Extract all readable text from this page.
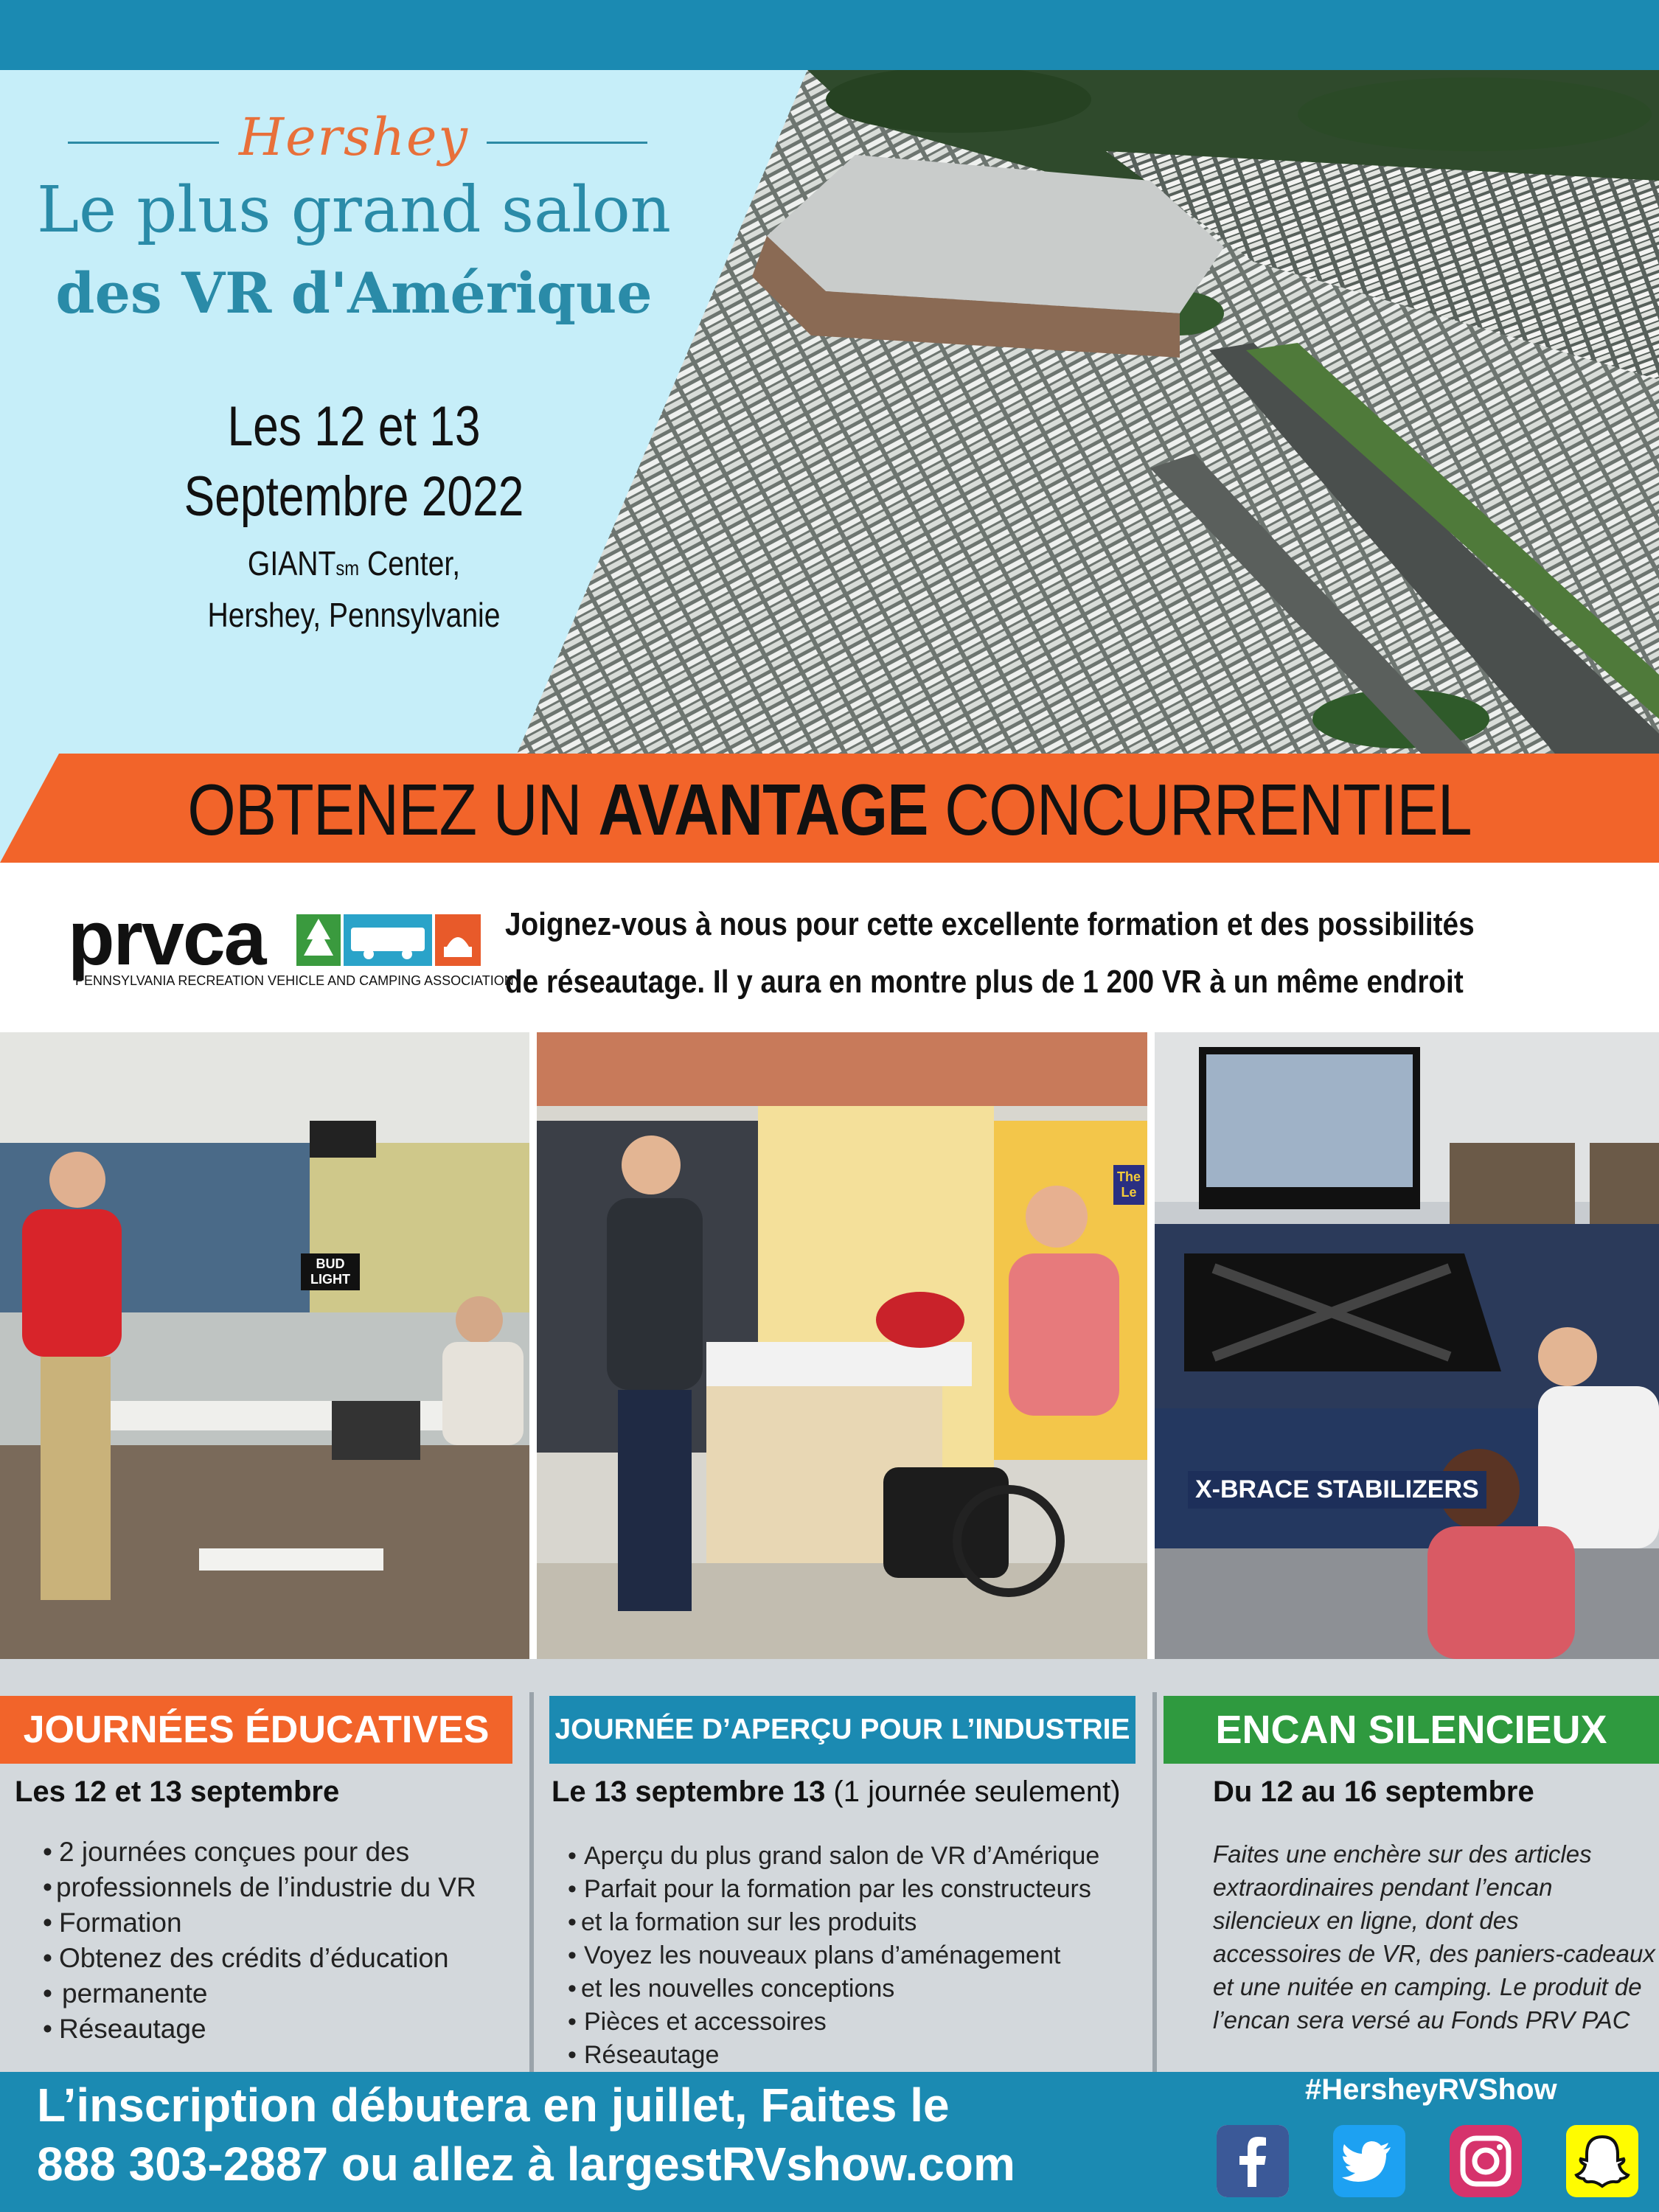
Hershey
Le plus grand salon
des VR d'Amérique
Les 12 et 13
Septembre 2022
GIANTsm Center,
Hershey, Pennsylvanie
OBTENEZ UN AVANTAGE CONCURRENTIEL
prvca
PENNSYLVANIA RECREATION VEHICLE AND CAMPING ASSOCIATION
Joignez-vous à nous pour cette excellente formation et des possibilités
de réseautage. Il y aura en montre plus de 1 200 VR à un même endroit
BUD LIGHT
The Le
X-BRACE STABILIZERS
JOURNÉES ÉDUCATIVES
Les 12 et 13 septembre
• 2 journées conçues pour des
• professionnels de l’industrie du VR
• Formation
• Obtenez des crédits d’éducation
• permanente
• Réseautage
JOURNÉE D’APERÇU POUR L’INDUSTRIE
Le 13 septembre 13 (1 journée seulement)
• Aperçu du plus grand salon de VR d’Amérique
• Parfait pour la formation par les constructeurs
• et la formation sur les produits
• Voyez les nouveaux plans d’aménagement
• et les nouvelles conceptions
• Pièces et accessoires
• Réseautage
ENCAN SILENCIEUX
Du 12 au 16 septembre
Faites une enchère sur des articles
extraordinaires pendant l’encan
silencieux en ligne, dont des
accessoires de VR, des paniers-cadeaux
et une nuitée en camping. Le produit de
l’encan sera versé au Fonds PRV PAC
L’inscription débutera en juillet, Faites le
888 303-2887 ou allez à largestRVshow.com
#HersheyRVShow
